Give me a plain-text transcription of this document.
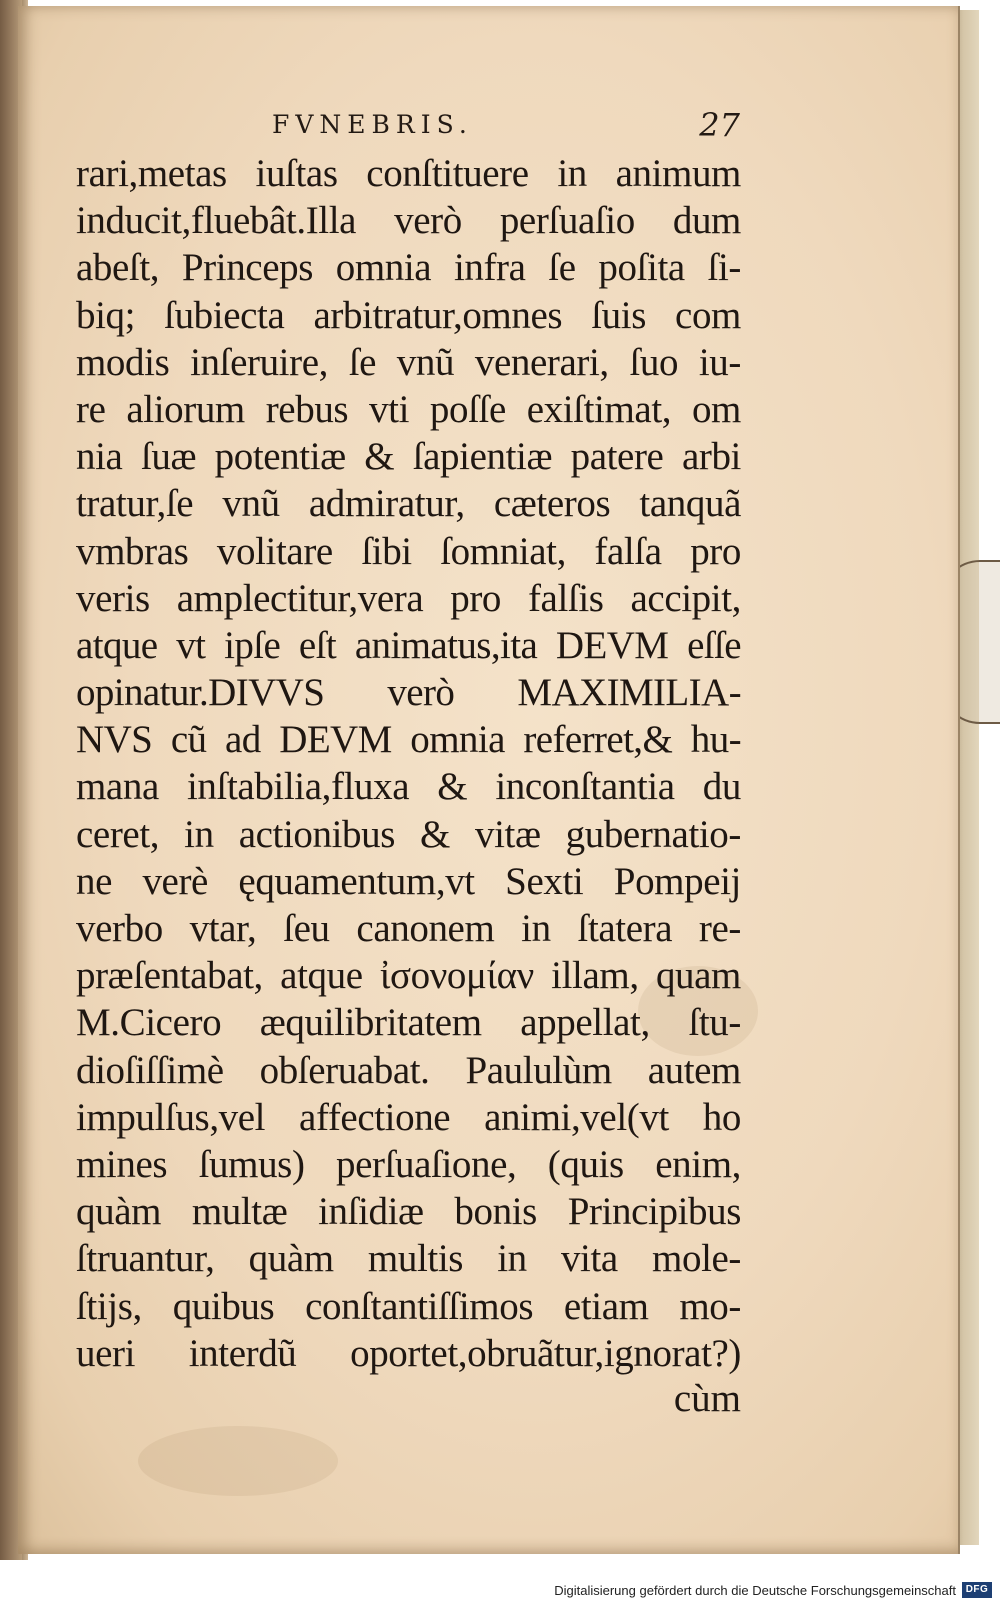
FVNEBRIS.	27
rari,metas iuſtas conſtituere in animum
inducit,fluebât.Illa verò perſuaſio dum
abeſt, Princeps omnia infra ſe poſita ſi-
biq; ſubiecta arbitratur,omnes ſuis com
modis inſeruire, ſe vnũ venerari, ſuo iu-
re aliorum rebus vti poſſe exiſtimat, om
nia ſuæ potentiæ & ſapientiæ patere arbi
tratur,ſe vnũ admiratur, cæteros tanquã
vmbras volitare ſibi ſomniat, falſa pro
veris amplectitur,vera pro falſis accipit,
atque vt ipſe eſt animatus,ita DEVM eſſe
opinatur.DIVVS verò MAXIMILIA-
NVS cũ ad DEVM omnia referret,& hu-
mana inſtabilia,fluxa & inconſtantia du
ceret, in actionibus & vitæ gubernatio-
ne verè ęquamentum,vt Sexti Pompeij
verbo vtar, ſeu canonem in ſtatera re-
præſentabat, atque ἰσονομίαν illam, quam
M.Cicero æquilibritatem appellat, ſtu-
dioſiſſimè obſeruabat. Paululùm autem
impulſus,vel affectione animi,vel(vt ho
mines ſumus) perſuaſione, (quis enim,
quàm multæ inſidiæ bonis Principibus
ſtruantur, quàm multis in vita mole-
ſtijs, quibus conſtantiſſimos etiam mo-
ueri interdũ oportet,obruãtur,ignorat?)
cùm
Digitalisierung gefördert durch die Deutsche Forschungsgemeinschaft DFG
